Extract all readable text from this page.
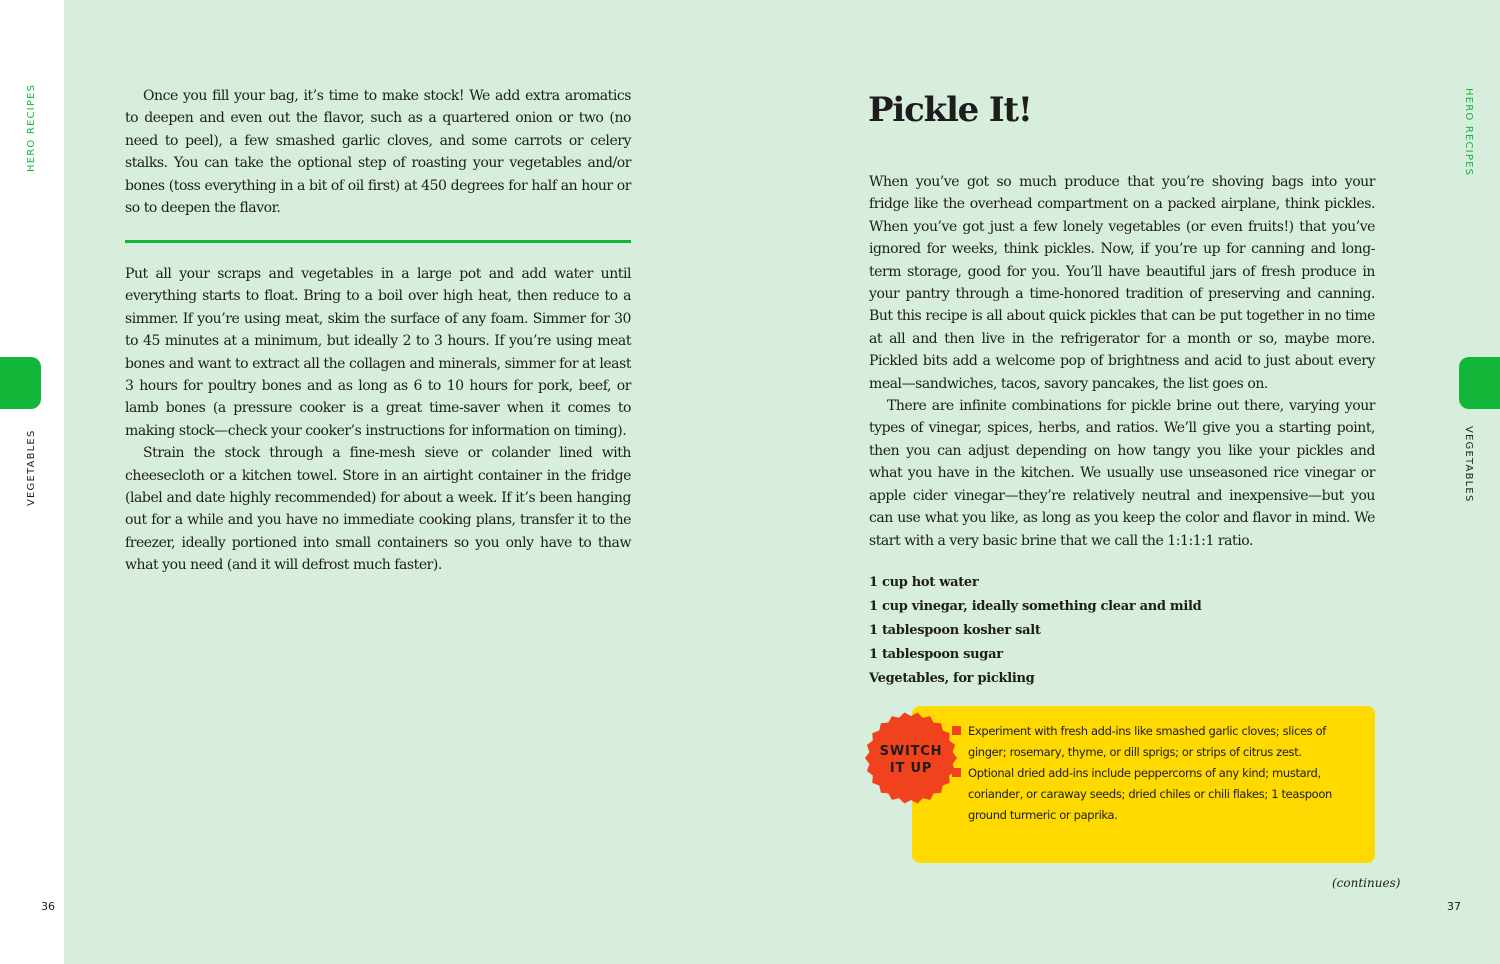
HERO RECIPES
VEGETABLES
36

Once you fill your bag, it’s time to make stock! We add extra aromatics to deepen and even out the flavor, such as a quartered onion or two (no need to peel), a few smashed garlic cloves, and some carrots or celery stalks. You can take the optional step of roasting your vegetables and/or bones (toss everything in a bit of oil first) at 450 degrees for half an hour or so to deepen the flavor.

Put all your scraps and vegetables in a large pot and add water until everything starts to float. Bring to a boil over high heat, then reduce to a simmer. If you’re using meat, skim the surface of any foam. Simmer for 30 to 45 minutes at a minimum, but ideally 2 to 3 hours. If you’re using meat bones and want to extract all the collagen and minerals, simmer for at least 3 hours for poultry bones and as long as 6 to 10 hours for pork, beef, or lamb bones (a pressure cooker is a great time-saver when it comes to making stock—check your cooker’s instructions for information on timing).

Strain the stock through a fine-mesh sieve or colander lined with cheesecloth or a kitchen towel. Store in an airtight container in the fridge (label and date highly recommended) for about a week. If it’s been hanging out for a while and you have no immediate cooking plans, transfer it to the freezer, ideally portioned into small containers so you only have to thaw what you need (and it will defrost much faster).

HERO RECIPES
VEGETABLES
37
Pickle It!

When you’ve got so much produce that you’re shoving bags into your fridge like the overhead compartment on a packed airplane, think pickles. When you’ve got just a few lonely vegetables (or even fruits!) that you’ve ignored for weeks, think pickles. Now, if you’re up for canning and long-term storage, good for you. You’ll have beautiful jars of fresh produce in your pantry through a time-honored tradition of preserving and canning. But this recipe is all about quick pickles that can be put together in no time at all and then live in the refrigerator for a month or so, maybe more. Pickled bits add a welcome pop of brightness and acid to just about every meal—sandwiches, tacos, savory pancakes, the list goes on.

There are infinite combinations for pickle brine out there, varying your types of vinegar, spices, herbs, and ratios. We’ll give you a starting point, then you can adjust depending on how tangy you like your pickles and what you have in the kitchen. We usually use unseasoned rice vinegar or apple cider vinegar—they’re relatively neutral and inexpensive—but you can use what you like, as long as you keep the color and flavor in mind. We start with a very basic brine that we call the 1:1:1:1 ratio.

1 cup hot water
1 cup vinegar, ideally something clear and mild
1 tablespoon kosher salt
1 tablespoon sugar
Vegetables, for pickling
Experiment with fresh add-ins like smashed garlic cloves; slices of ginger; rosemary, thyme, or dill sprigs; or strips of citrus zest.
Optional dried add-ins include peppercorns of any kind; mustard, coriander, or caraway seeds; dried chiles or chili flakes; 1 teaspoon ground turmeric or paprika.
SWITCH
IT UP
(continues)
